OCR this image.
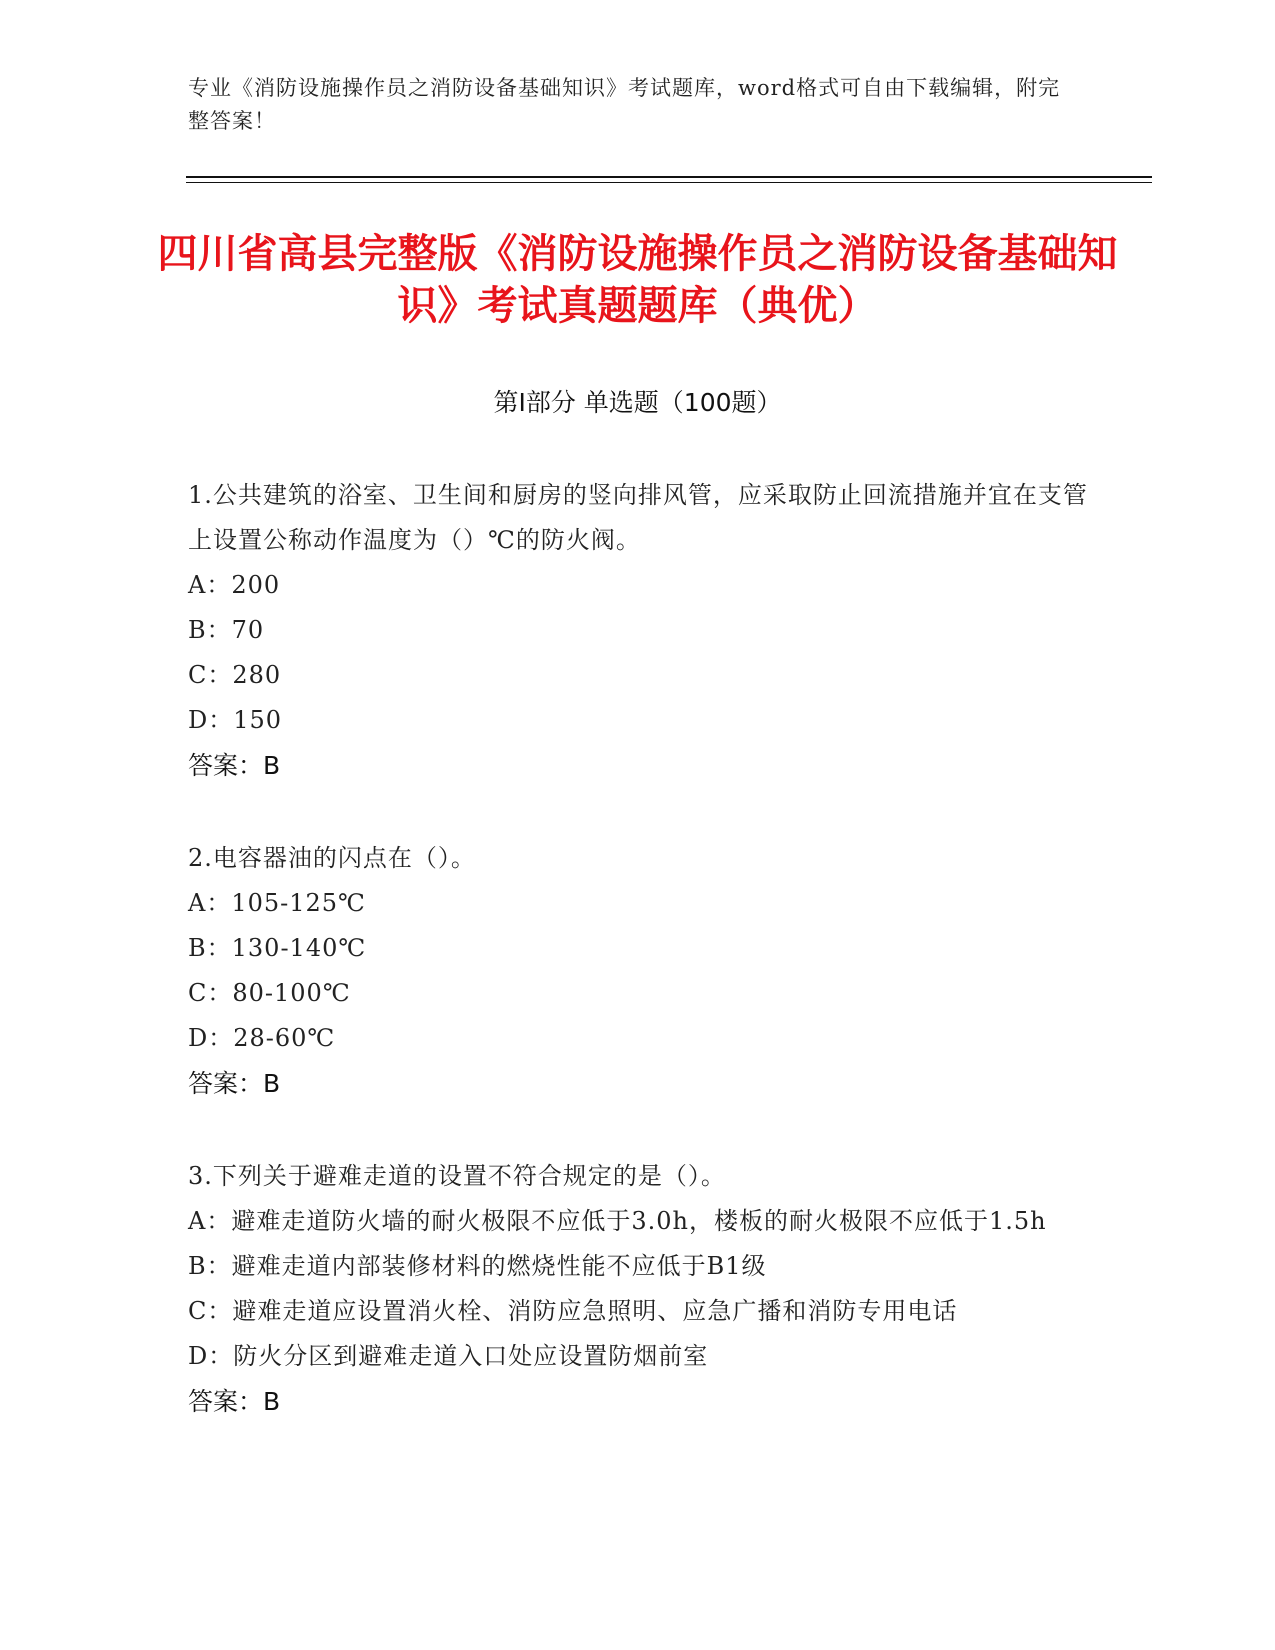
专业《消防设施操作员之消防设备基础知识》考试题库，word格式可自由下载编辑，附完整答案！
四川省高县完整版《消防设施操作员之消防设备基础知识》考试真题题库（典优）
第Ⅰ部分 单选题（100题）
1.公共建筑的浴室、卫生间和厨房的竖向排风管，应采取防止回流措施并宜在支管上设置公称动作温度为（）℃的防火阀。
A：200
B：70
C：280
D：150
答案：B
2.电容器油的闪点在（）。
A：105-125℃
B：130-140℃
C：80-100℃
D：28-60℃
答案：B
3.下列关于避难走道的设置不符合规定的是（）。
A：避难走道防火墙的耐火极限不应低于3.0h，楼板的耐火极限不应低于1.5h
B：避难走道内部装修材料的燃烧性能不应低于B1级
C：避难走道应设置消火栓、消防应急照明、应急广播和消防专用电话
D：防火分区到避难走道入口处应设置防烟前室
答案：B
